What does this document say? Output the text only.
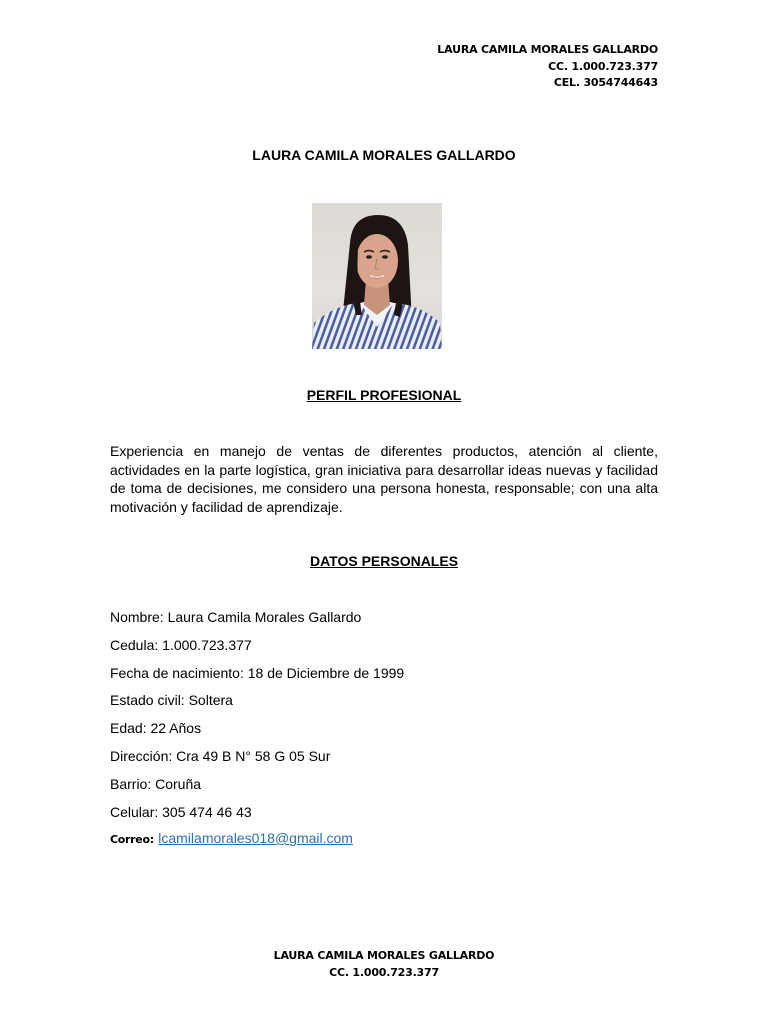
LAURA CAMILA MORALES GALLARDO
CC. 1.000.723.377
CEL. 3054744643
LAURA CAMILA MORALES GALLARDO
PERFIL PROFESIONAL
Experiencia en manejo de ventas de diferentes productos, atención al cliente, actividades en la parte logística, gran iniciativa para desarrollar ideas nuevas y facilidad de toma de decisiones, me considero una persona honesta, responsable; con una alta motivación y facilidad de aprendizaje.
DATOS PERSONALES
Nombre: Laura Camila Morales Gallardo
Cedula: 1.000.723.377
Fecha de nacimiento: 18 de Diciembre de 1999
Estado civil: Soltera
Edad: 22 Años
Dirección: Cra 49 B N° 58 G 05 Sur
Barrio: Coruña
Celular: 305 474 46 43
Correo: lcamilamorales018@gmail.com
LAURA CAMILA MORALES GALLARDO
CC. 1.000.723.377
